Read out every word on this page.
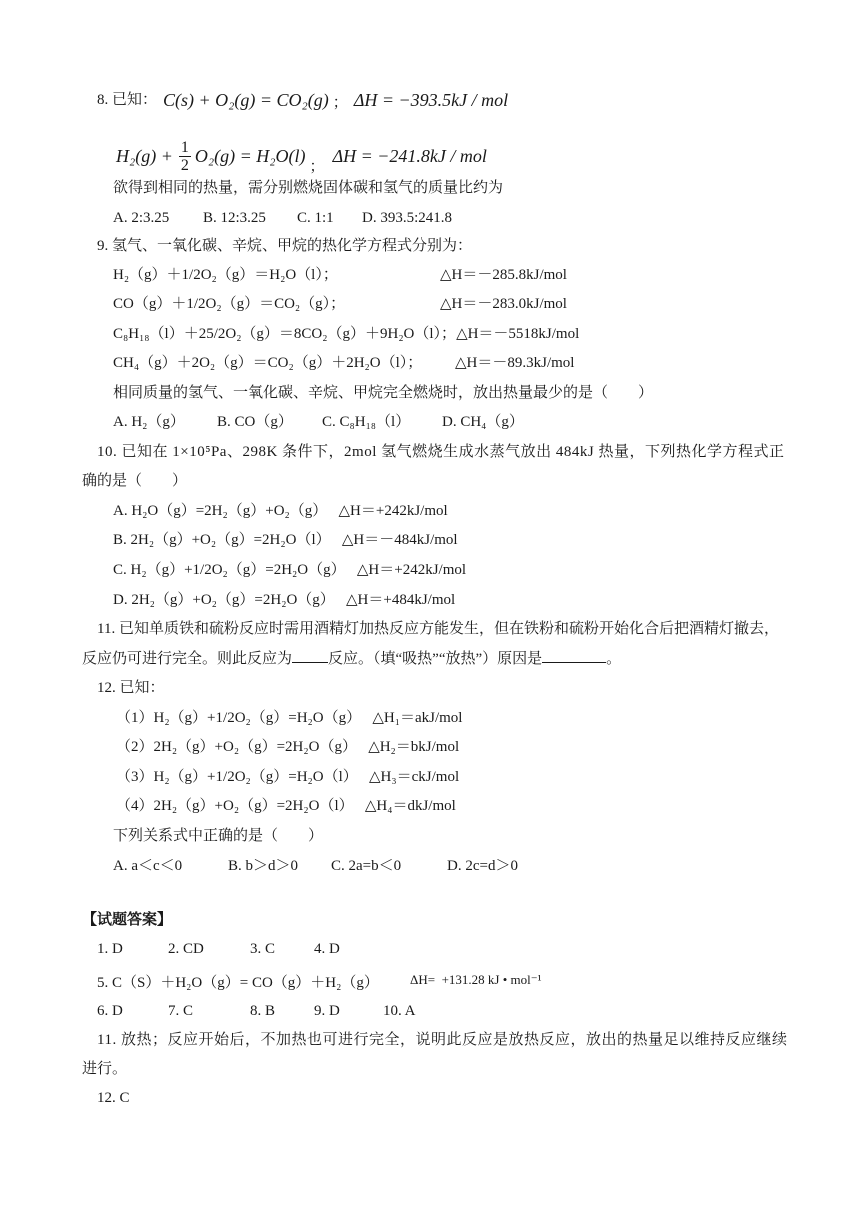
8. 已知： C(s) + O₂(g) = CO₂(g) ； ΔH = −393.5kJ / mol
$H_2(g) + \frac{1}{2} O_2(g) = H_2O(l)$
；
ΔH = −241.8kJ / mol
欲得到相同的热量，需分别燃烧固体碳和氢气的质量比约为
A. 2:3.25 B. 12:3.25 C. 1:1 D. 393.5:241.8
9. 氢气、一氧化碳、辛烷、甲烷的热化学方程式分别为：
H₂（g）＋1/2O₂（g）＝H₂O（l）；	△H＝－285.8kJ/mol
CO（g）＋1/2O₂（g）＝CO₂（g）；	△H＝－283.0kJ/mol
C₈H₁₈（l）＋25/2O₂（g）＝8CO₂（g）＋9H₂O（l）；△H＝－5518kJ/mol
CH₄（g）＋2O₂（g）＝CO₂（g）＋2H₂O（l）； △H＝－89.3kJ/mol
相同质量的氢气、一氧化碳、辛烷、甲烷完全燃烧时，放出热量最少的是（　　）
A. H₂（g） B. CO（g） C. C₈H₁₈（l） D. CH₄（g）
10. 已知在 1×10⁵Pa、298K 条件下，2mol 氢气燃烧生成水蒸气放出 484kJ 热量，下列热化学方程式正
确的是（　　）
A. H₂O（g）=2H₂（g）+O₂（g）   △H＝+242kJ/mol
B. 2H₂（g）+O₂（g）=2H₂O（l）   △H＝－484kJ/mol
C. H₂（g）+1/2O₂（g）=2H₂O（g）   △H＝+242kJ/mol
D. 2H₂（g）+O₂（g）=2H₂O（g）   △H＝+484kJ/mol
11. 已知单质铁和硫粉反应时需用酒精灯加热反应方能发生，但在铁粉和硫粉开始化合后把酒精灯撤去，
反应仍可进行完全。则此反应为 反应。（填“吸热”“放热”）原因是	。
12. 已知：
（1）H₂（g）+1/2O₂（g）=H₂O（g）   △H₁＝akJ/mol
（2）2H₂（g）+O₂（g）=2H₂O（g）   △H₂＝bkJ/mol
（3）H₂（g）+1/2O₂（g）=H₂O（l）   △H₃＝ckJ/mol
（4）2H₂（g）+O₂（g）=2H₂O（l）   △H₄＝dkJ/mol
下列关系式中正确的是（　　）
A. a＜c＜0	B. b＞d＞0 C. 2a=b＜0	D. 2c=d＞0
【试题答案】
1. D	2. CD	3. C	4. D
5. C（S）＋H₂O（g）= CO（g）＋H₂（g） ΔH=  +131.28 kJ • mol⁻¹
6. D	7. C	8. B	9. D	10. A
11. 放热；反应开始后，不加热也可进行完全，说明此反应是放热反应，放出的热量足以维持反应继续
进行。
12. C
